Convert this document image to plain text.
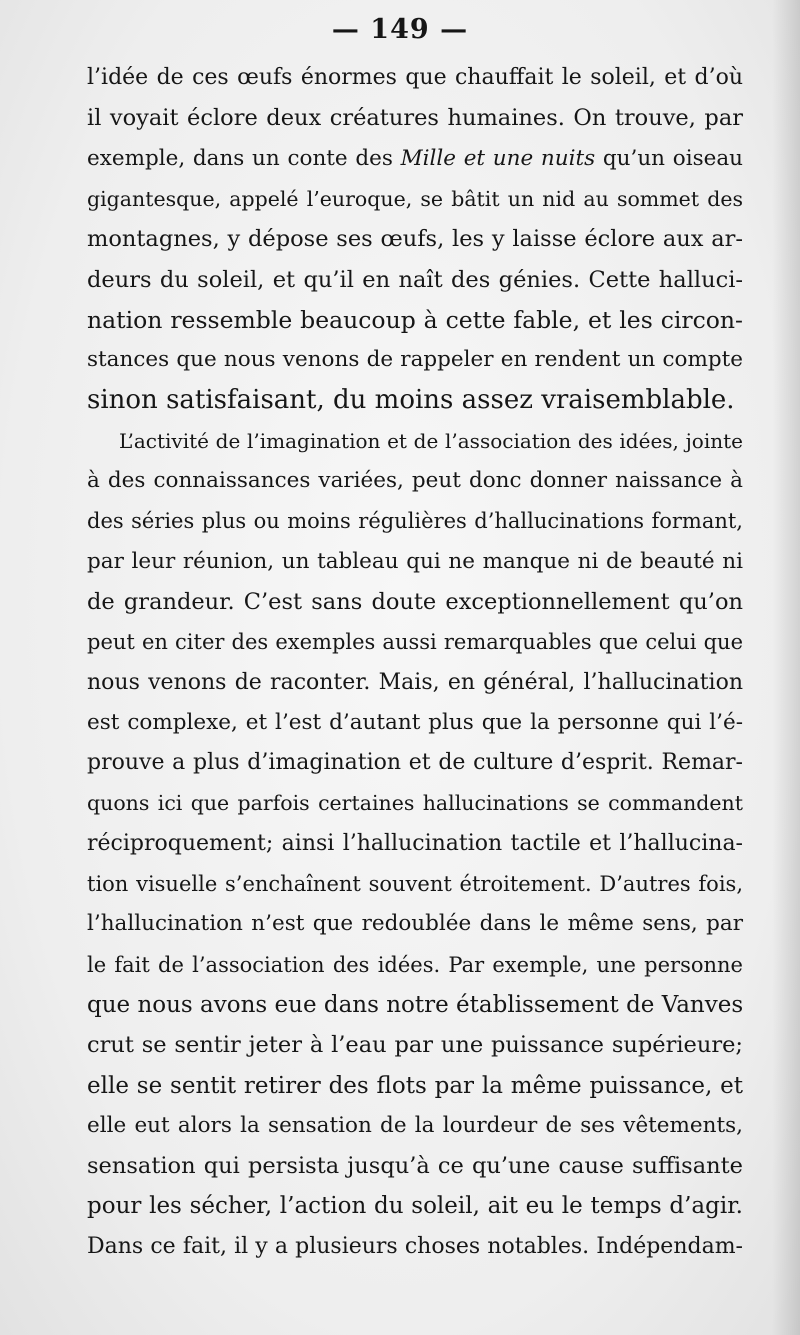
— 149 —
l’idée de ces œufs énormes que chauffait le soleil, et d’où
il voyait éclore deux créatures humaines. On trouve, par
exemple, dans un conte des Mille et une nuits qu’un oiseau
gigantesque, appelé l’euroque, se bâtit un nid au sommet des
montagnes, y dépose ses œufs, les y laisse éclore aux ar-
deurs du soleil, et qu’il en naît des génies. Cette halluci-
nation ressemble beaucoup à cette fable, et les circon-
stances que nous venons de rappeler en rendent un compte
sinon satisfaisant, du moins assez vraisemblable.
L’activité de l’imagination et de l’association des idées, jointe
à des connaissances variées, peut donc donner naissance à
des séries plus ou moins régulières d’hallucinations formant,
par leur réunion, un tableau qui ne manque ni de beauté ni
de grandeur. C’est sans doute exceptionnellement qu’on
peut en citer des exemples aussi remarquables que celui que
nous venons de raconter. Mais, en général, l’hallucination
est complexe, et l’est d’autant plus que la personne qui l’é-
prouve a plus d’imagination et de culture d’esprit. Remar-
quons ici que parfois certaines hallucinations se commandent
réciproquement; ainsi l’hallucination tactile et l’hallucina-
tion visuelle s’enchaînent souvent étroitement. D’autres fois,
l’hallucination n’est que redoublée dans le même sens, par
le fait de l’association des idées. Par exemple, une personne
que nous avons eue dans notre établissement de Vanves
crut se sentir jeter à l’eau par une puissance supérieure;
elle se sentit retirer des flots par la même puissance, et
elle eut alors la sensation de la lourdeur de ses vêtements,
sensation qui persista jusqu’à ce qu’une cause suffisante
pour les sécher, l’action du soleil, ait eu le temps d’agir.
Dans ce fait, il y a plusieurs choses notables. Indépendam-
